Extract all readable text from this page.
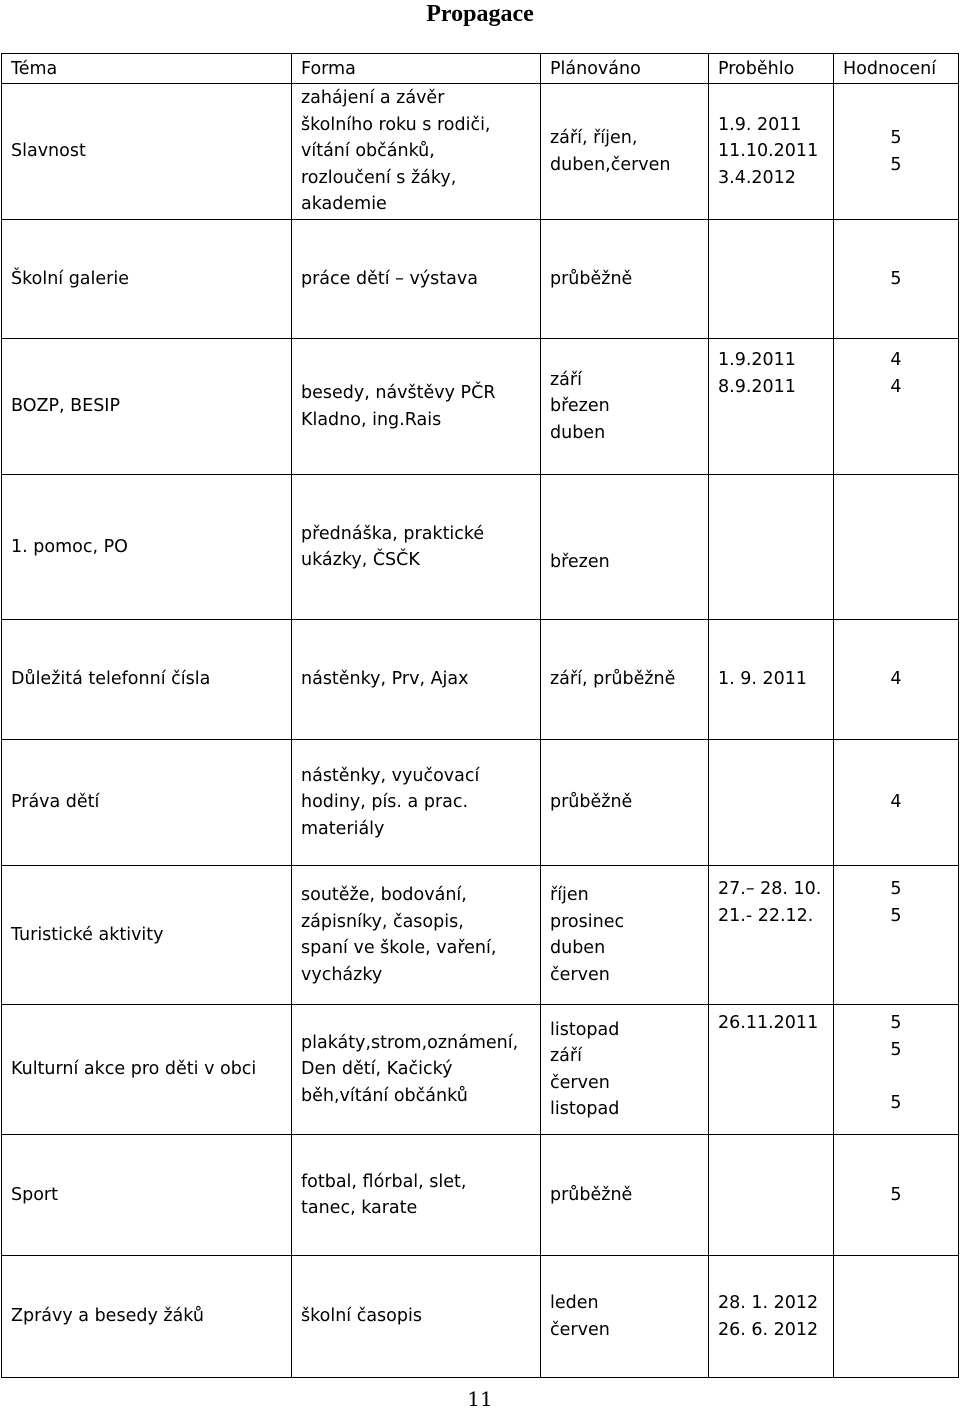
Propagace
Téma	Forma	Plánováno	Proběhlo	Hodnocení

Slavnost	zahájení a závěr
školního roku s rodiči,
vítání občánků,
rozloučení s žáky,
akademie	září, říjen,
duben,červen	1.9. 2011
11.10.2011
3.4.2012	5
5

Školní galerie	práce dětí – výstava	průběžně		5

BOZP, BESIP	besedy, návštěvy PČR
Kladno, ing.Rais	září
březen
duben	1.9.2011
8.9.2011	4
4

1. pomoc, PO	přednáška, praktické
ukázky, ČSČK	březen		

Důležitá telefonní čísla	nástěnky, Prv, Ajax	září, průběžně	1. 9. 2011	4

Práva dětí	nástěnky, vyučovací
hodiny, pís. a prac.
materiály	průběžně		4

Turistické aktivity	soutěže, bodování,
zápisníky, časopis,
spaní ve škole, vaření,
vycházky	říjen
prosinec
duben
červen	27.– 28. 10.
21.- 22.12.	5
5

Kulturní akce pro děti v obci	plakáty,strom,oznámení,
Den dětí, Kačický
běh,vítání občánků	listopad
září
červen
listopad	26.11.2011	5
5

5

Sport	fotbal, flórbal, slet,
tanec, karate	průběžně		5

Zprávy a besedy žáků	školní časopis	leden
červen	28. 1. 2012
26. 6. 2012	

11
